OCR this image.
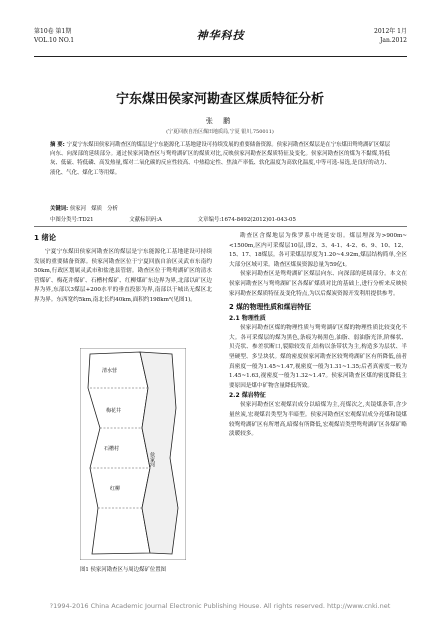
第10卷 第1期
VOL.10 NO.1	神华科技	2012年 1月
Jan.2012
宁东煤田侯家河勘查区煤质特征分析
张 鹏
(宁夏回族自治区煤田地质局,宁夏 银川,750011)
摘 要: 宁夏宁东煤田侯家河勘查区的煤层是宁东能源化工基地建设可持续发展的重要储备资源。侯家河勘查区煤层是在宁东煤田鸳鸯湖矿区煤层向东、向深部的延续部分。通过侯家河勘查区与鸳鸯湖矿区的煤质对比,反映侯家河勘查区煤质特征及变化。侯家河勘查区的煤为不黏煤,特低灰、低硫、特低磷、高发热量,煤对二氧化碳的反应性较高、中热稳定性、焦油产率低、软化温度为高软化温度,中等可选-易选,是良好的动力、液化、气化、煤化工等用煤。
关键词: 侯家河 煤质 分析
中图分类号:TD21	文献标识码:A	文章编号:1674-8492(2012)01-043-05
1 绪论

宁夏宁东煤田侯家河勘查区的煤层是宁东能源化工基地建设可持续发展的重要储备资源。侯家河勘查区位于宁夏回族自治区灵武市东南约50km,行政区划属灵武市和盐池县管辖。勘查区位于鸳鸯湖矿区的清水营煤矿、梅花井煤矿、石槽村煤矿、红柳煤矿东边界为界,北部以矿区边界为界,东部以3煤层+200水平的垂直投影为界,南部以于城出无煤区北界为界。东西宽约5km,南北长约40km,面积约198km²(见图1)。

清水营
梅花井
石槽村
红柳
侯家河
图1 侯家河勘查区与周边煤矿位置图

勘查区含煤地层为侏罗系中统延安组。煤层埋深为>900m~<1500m,区内可采煤层10层,即2、3、4-1、4-2、6、9、10、12、15、17、18煤层。各可采煤层厚度为1.20~4.92m,煤层结构简单,全区大部分区域可采。勘查区煤炭资源总量为59亿t。

侯家河勘查区是鸳鸯湖矿区煤层向东、向深部的延续部分。本文在侯家河勘查区与鸳鸯湖矿区各煤矿煤质对比的基础上,进行分析来反映侯家河勘查区煤质特征及变化特点,为以后煤炭资源开发利用提供参考。

2 煤的物理性质和煤岩特征
2.1 物理性质

侯家河勘查区煤的物理性质与鸳鸯湖矿区煤的物理性质比较变化不大。各可采煤层的煤为黑色,条痕为褐黑色,油脂、弱油脂光泽,阶梯状、贝壳状、参差状断口,裂隙较发育,结构以条带状为主,构造多为层状、半坚硬型、多呈块状。煤的密度侯家河勘查区较鸳鸯湖矿区有所降低,前者真密度一般为1.45~1.47,视密度一般为1.31~1.35;后者真密度一般为1.45~1.63,视密度一般为1.32~1.47。侯家河勘查区煤的密度降低主要原因是煤中矿物含量降低所致。

2.2 煤岩特征

侯家河勘查区宏观煤岩成分以暗煤为主,亮煤次之,夹镜煤条带,含少量丝炭,宏观煤岩类型为半暗型。侯家河勘查区宏观煤岩成分亮煤和镜煤较鸳鸯湖矿区有所增高,暗煤有所降低,宏观煤岩类型鸳鸯湖矿区各煤矿略淡暖较多。

?1994-2016 China Academic Journal Electronic Publishing House. All rights reserved. http://www.cnki.net
